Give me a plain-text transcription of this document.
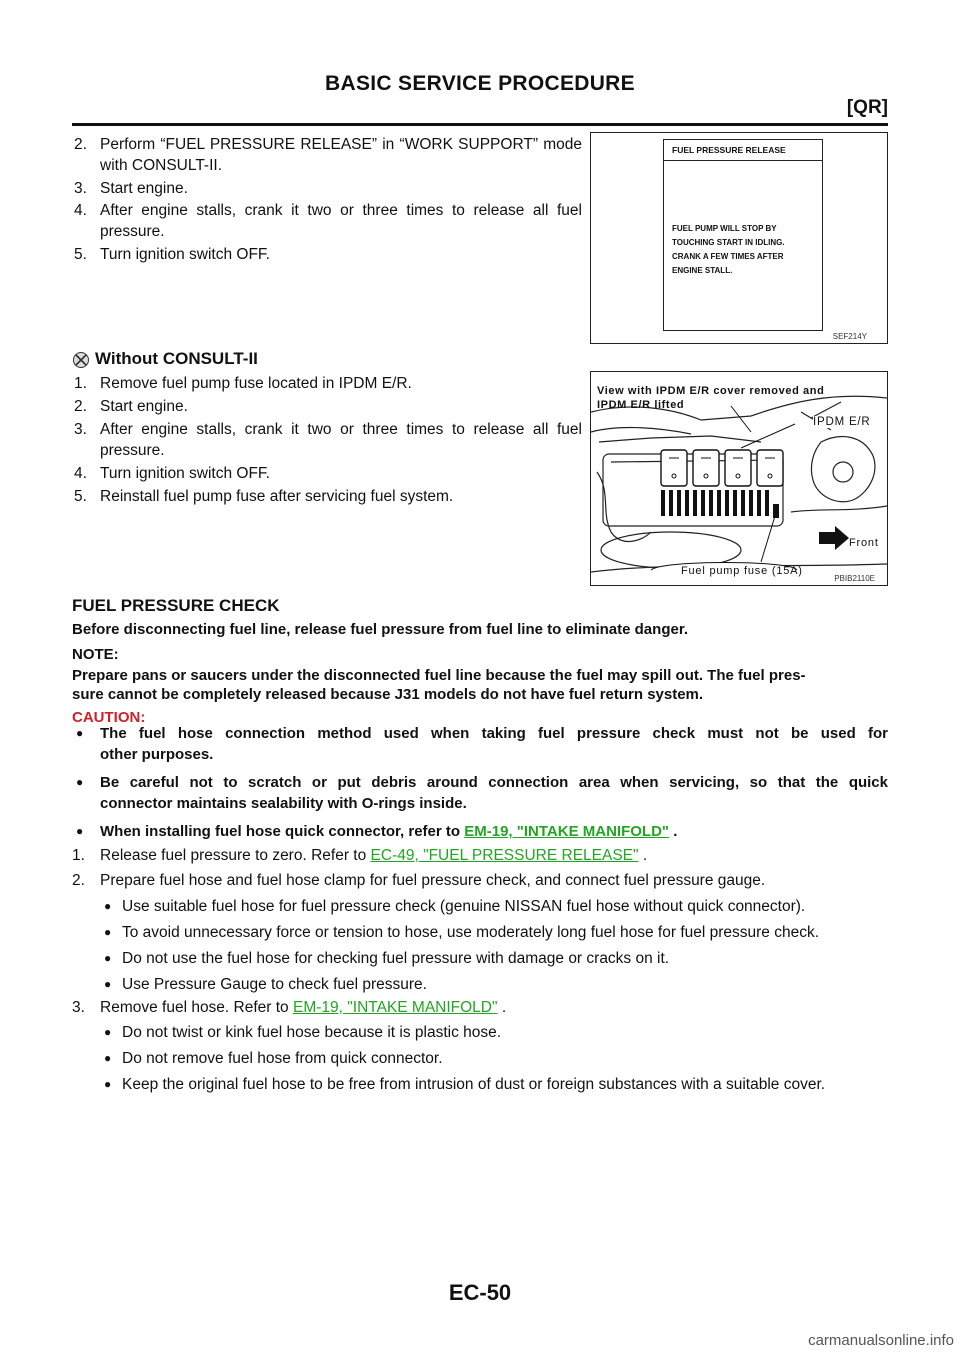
BASIC SERVICE PROCEDURE
[QR]
2. Perform “FUEL PRESSURE RELEASE” in “WORK SUPPORT” mode with CONSULT-II.
3. Start engine.
4. After engine stalls, crank it two or three times to release all fuel pressure.
5. Turn ignition switch OFF.
FUEL PRESSURE RELEASE
FUEL PUMP WILL STOP BY
TOUCHING START IN IDLING.
CRANK A FEW TIMES AFTER
ENGINE STALL.
SEF214Y
Without CONSULT-II
1. Remove fuel pump fuse located in IPDM E/R.
2. Start engine.
3. After engine stalls, crank it two or three times to release all fuel pressure.
4. Turn ignition switch OFF.
5. Reinstall fuel pump fuse after servicing fuel system.
View with IPDM E/R cover removed and
IPDM E/R lifted
IPDM E/R
Front
Fuel pump fuse (15A)
PBIB2110E
FUEL PRESSURE CHECK
Before disconnecting fuel line, release fuel pressure from fuel line to eliminate danger.
NOTE:
Prepare pans or saucers under the disconnected fuel line because the fuel may spill out. The fuel pres-
sure cannot be completely released because J31 models do not have fuel return system.
CAUTION:
● The fuel hose connection method used when taking fuel pressure check must not be used for
other purposes.
● Be careful not to scratch or put debris around connection area when servicing, so that the quick
connector maintains sealability with O-rings inside.
● When installing fuel hose quick connector, refer to EM-19, "INTAKE MANIFOLD" .
1. Release fuel pressure to zero. Refer to EC-49, "FUEL PRESSURE RELEASE" .
2. Prepare fuel hose and fuel hose clamp for fuel pressure check, and connect fuel pressure gauge.
● Use suitable fuel hose for fuel pressure check (genuine NISSAN fuel hose without quick connector).
● To avoid unnecessary force or tension to hose, use moderately long fuel hose for fuel pressure check.
● Do not use the fuel hose for checking fuel pressure with damage or cracks on it.
● Use Pressure Gauge to check fuel pressure.
3. Remove fuel hose. Refer to EM-19, "INTAKE MANIFOLD" .
● Do not twist or kink fuel hose because it is plastic hose.
● Do not remove fuel hose from quick connector.
● Keep the original fuel hose to be free from intrusion of dust or foreign substances with a suitable cover.
EC-50
carmanualsonline.info
